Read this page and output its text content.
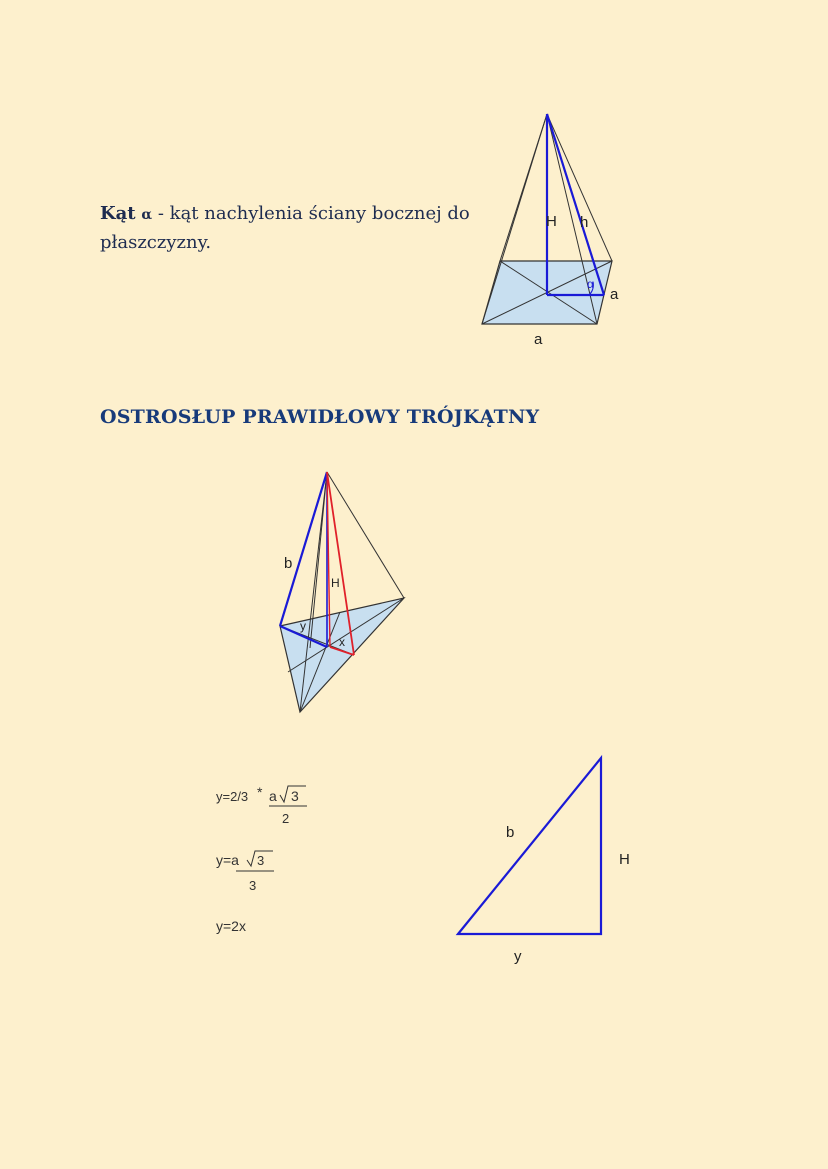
Kąt α - kąt nachylenia ściany bocznej do płaszczyzny.
H h
α
a
a
OSTROSŁUP PRAWIDŁOWY TRÓJKĄTNY
b
H
y
x
y=2/3 * a 3
2
y=a 3
3
y=2x
b
H
y
